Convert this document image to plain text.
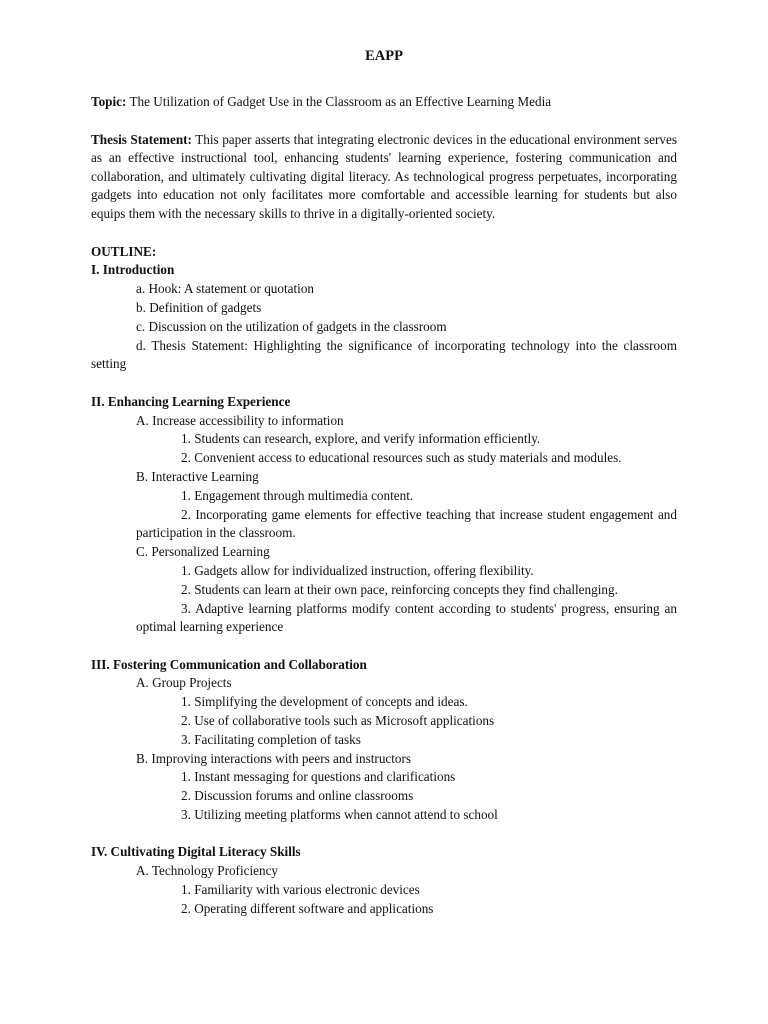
EAPP
Topic: The Utilization of Gadget Use in the Classroom as an Effective Learning Media
Thesis Statement: This paper asserts that integrating electronic devices in the educational environment serves as an effective instructional tool, enhancing students' learning experience, fostering communication and collaboration, and ultimately cultivating digital literacy. As technological progress perpetuates, incorporating gadgets into education not only facilitates more comfortable and accessible learning for students but also equips them with the necessary skills to thrive in a digitally-oriented society.
OUTLINE:
I. Introduction
a. Hook: A statement or quotation
b. Definition of gadgets
c. Discussion on the utilization of gadgets in the classroom
d. Thesis Statement: Highlighting the significance of incorporating technology into the classroom setting
II. Enhancing Learning Experience
A. Increase accessibility to information
1. Students can research, explore, and verify information efficiently.
2. Convenient access to educational resources such as study materials and modules.
B. Interactive Learning
1. Engagement through multimedia content.
2. Incorporating game elements for effective teaching that increase student engagement and participation in the classroom.
C. Personalized Learning
1. Gadgets allow for individualized instruction, offering flexibility.
2. Students can learn at their own pace, reinforcing concepts they find challenging.
3. Adaptive learning platforms modify content according to students' progress, ensuring an optimal learning experience
III. Fostering Communication and Collaboration
A. Group Projects
1. Simplifying the development of concepts and ideas.
2. Use of collaborative tools such as Microsoft applications
3. Facilitating completion of tasks
B. Improving interactions with peers and instructors
1. Instant messaging for questions and clarifications
2. Discussion forums and online classrooms
3. Utilizing meeting platforms when cannot attend to school
IV. Cultivating Digital Literacy Skills
A. Technology Proficiency
1. Familiarity with various electronic devices
2. Operating different software and applications
